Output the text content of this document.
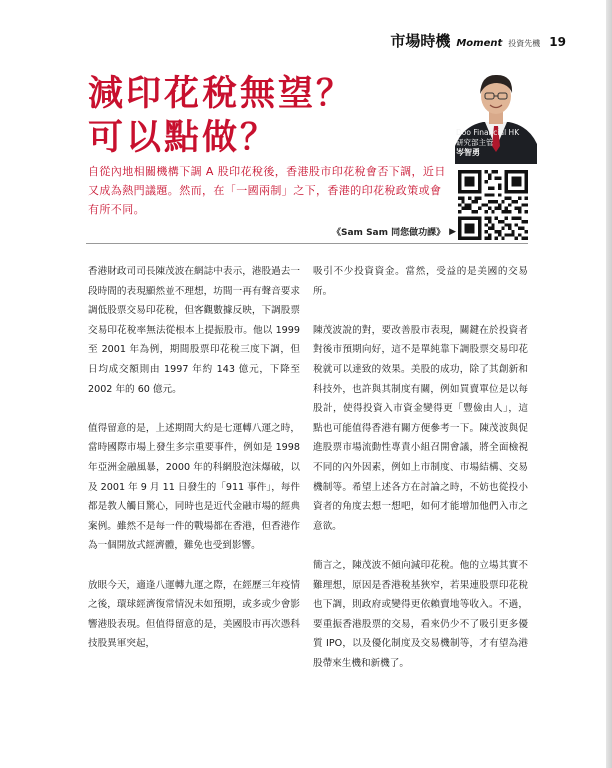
市場時機 Moment 投資先機 19
減印花稅無望？
可以點做？	Doo Financial HK
研究部主管
岑智勇
自從內地相關機構下調 A 股印花稅後，香港股市印花稅會否下調，近日又成為熱門議題。然而，在「一國兩制」之下，香港的印花稅政策或會有所不同。
《Sam Sam 同您做功課》 ▶

香港財政司司長陳茂波在網誌中表示，港股過去一段時間的表現顯然並不理想，坊間一再有聲音要求調低股票交易印花稅，但客觀數據反映，下調股票交易印花稅率無法從根本上提振股市。他以 1999 至 2001 年為例，期間股票印花稅三度下調，但日均成交額則由 1997 年約 143 億元，下降至 2002 年的 60 億元。

值得留意的是，上述期間大約是七運轉八運之時，當時國際市場上發生多宗重要事件，例如是 1998 年亞洲金融風暴，2000 年的科網股泡沫爆破，以及 2001 年 9 月 11 日發生的「911 事件」，每件都是教人觸目驚心，同時也是近代金融市場的經典案例。雖然不是每一件的戰場都在香港，但香港作為一個開放式經濟體，難免也受到影響。

放眼今天，適逢八運轉九運之際，在經歷三年疫情之後，環球經濟復常情況未如預期，或多或少會影響港股表現。但值得留意的是，美國股市再次憑科技股異軍突起，

吸引不少投資資金。當然，受益的是美國的交易所。

陳茂波說的對，要改善股市表現，關鍵在於投資者對後市預期向好，這不是單純靠下調股票交易印花稅就可以達致的效果。美股的成功，除了其創新和科技外，也許與其制度有關，例如買賣單位是以每股計，使得投資入市資金變得更「豐儉由人」，這點也可能值得香港有關方便參考一下。陳茂波與促進股票市場流動性專責小組召開會議，將全面檢視不同的內外因素，例如上市制度、市場結構、交易機制等。希望上述各方在討論之時，不妨也從投小資者的角度去想一想吧，如何才能增加他們入市之意欲。

簡言之，陳茂波不傾向減印花稅。他的立場其實不難理想，原因是香港稅基狹窄，若果連股票印花稅也下調，則政府或變得更依賴賣地等收入。不過，要重振香港股票的交易，看來仍少不了吸引更多優質 IPO，以及優化制度及交易機制等，才有望為港股帶來生機和新機了。
